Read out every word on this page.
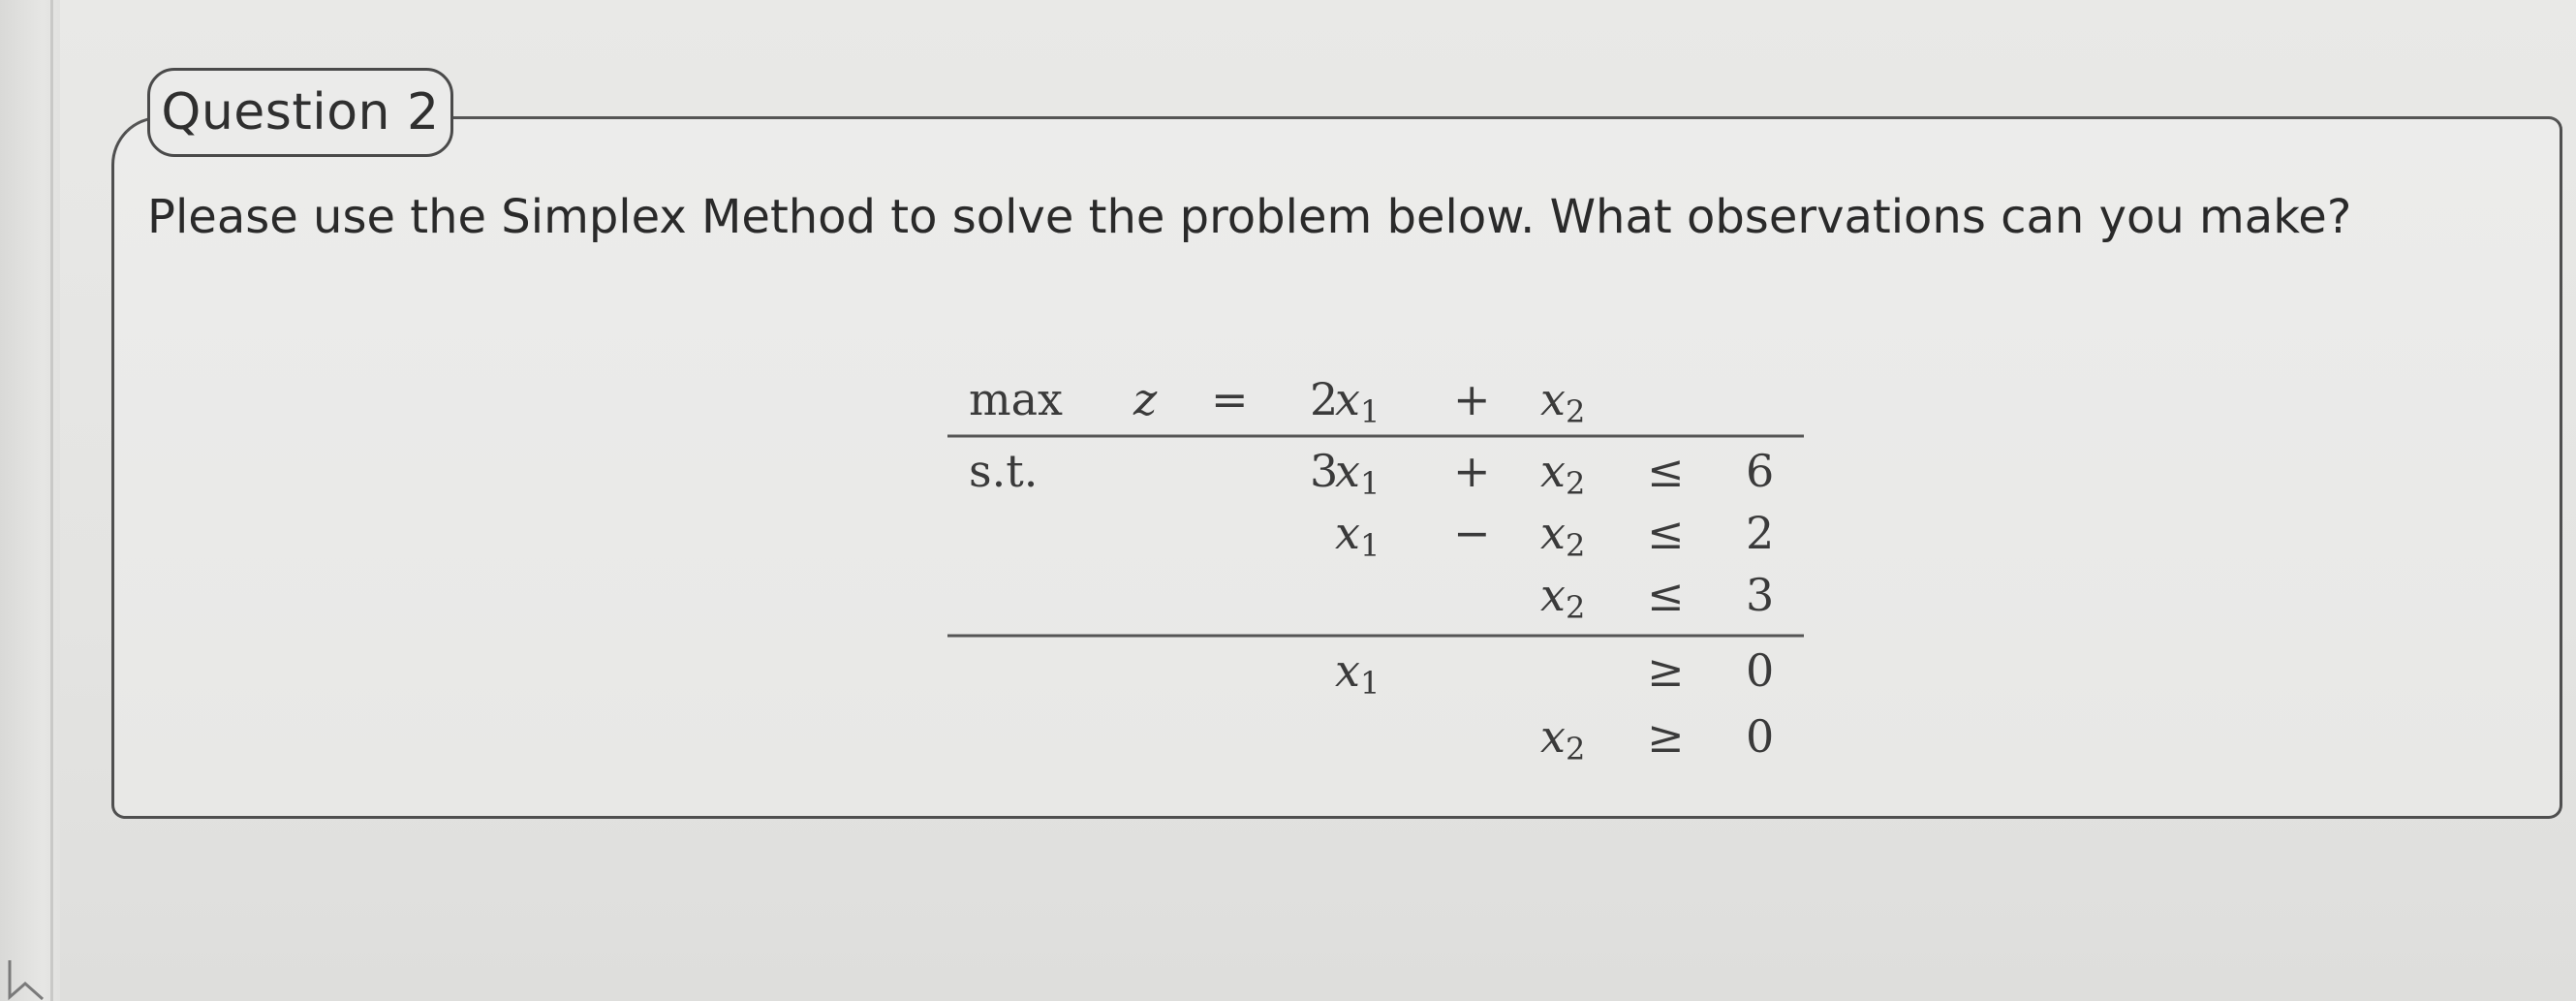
Question 2
Please use the Simplex Method to solve the problem below. What observations can you make?
max z = 2
x 1 + x 2
s.t.	3
x 1 + x 2 ≤ 6
x 1 − x 2 ≤ 2
x 2 ≤ 3
x 1	≥ 0
x 2 ≥ 0
